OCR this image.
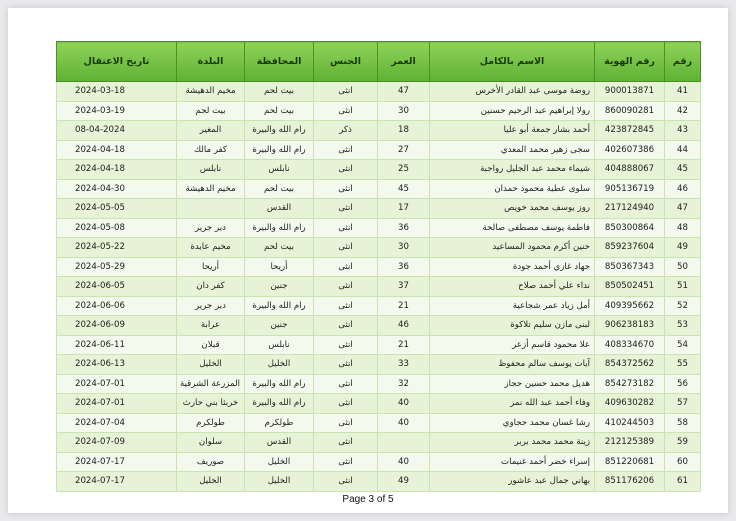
رقم	رقم الهوية	الاسم بالكامل	العمر	الجنس	المحافظة	البلدة	تاريخ الاعتقال
41	900013871	روضة موسى عبد القادر الأخرس	47	انثى	بيت لحم	مخيم الدهيشة	2024-03-18
42	860090281	رولا إبراهيم عبد الرحيم حسنين	30	انثى	بيت لحم	بيت لحم	2024-03-19
43	423872845	أحمد بشار جمعة أبو عليا	18	ذكر	رام الله والبيرة	المغير	08-04-2024
44	402607386	سجى زهير محمد المعدي	27	انثى	رام الله والبيرة	كفر مالك	2024-04-18
45	404888067	شيماء محمد عبد الجليل رواجبة	25	انثى	نابلس	نابلس	2024-04-18
46	905136719	سلوى عطية محمود حمدان	45	انثى	بيت لحم	مخيم الدهيشة	2024-04-30
47	217124940	روز يوسف محمد خويص	17	انثى	القدس		2024-05-05
48	850300864	فاطمة يوسف مصطفى صالحة	36	انثى	رام الله والبيرة	دير جرير	2024-05-08
49	859237604	حنين أكرم محمود المساعيد	30	انثى	بيت لحم	مخيم عايدة	2024-05-22
50	850367343	جهاد غازي أحمد جودة	36	انثى	أريحا	أريحا	2024-05-29
51	850502451	نداء علي أحمد صلاح	37	انثى	جنين	كفر دان	2024-06-05
52	409395662	أمل زياد عمر شجاعية	21	انثى	رام الله والبيرة	دير جرير	2024-06-06
53	906238183	لبنى مازن سليم تلاكوة	46	انثى	جنين	عرابة	2024-06-09
54	408334670	علا محمود قاسم أزعر	21	انثى	نابلس	قبلان	2024-06-11
55	854372562	آيات يوسف سالم محفوظ	33	انثى	الخليل	الخليل	2024-06-13
56	854273182	هديل محمد حسين حجاز	32	انثى	رام الله والبيرة	المزرعة الشرقية	2024-07-01
57	409630282	وفاء أحمد عبد الله نمر	40	انثى	رام الله والبيرة	خربثا بني حارث	2024-07-01
58	410244503	رشا غسان محمد حجاوي	40	انثى	طولكرم	طولكرم	2024-07-04
59	212125389	زينة محمد محمد بربر		انثى	القدس	سلوان	2024-07-09
60	851220681	إسراء خضر أحمد غنيمات	40	انثى	الخليل	صوريف	2024-07-17
61	851176206	بهاني جمال عبد عاشور	49	انثى	الخليل	الخليل	2024-07-17
Page 3 of 5
